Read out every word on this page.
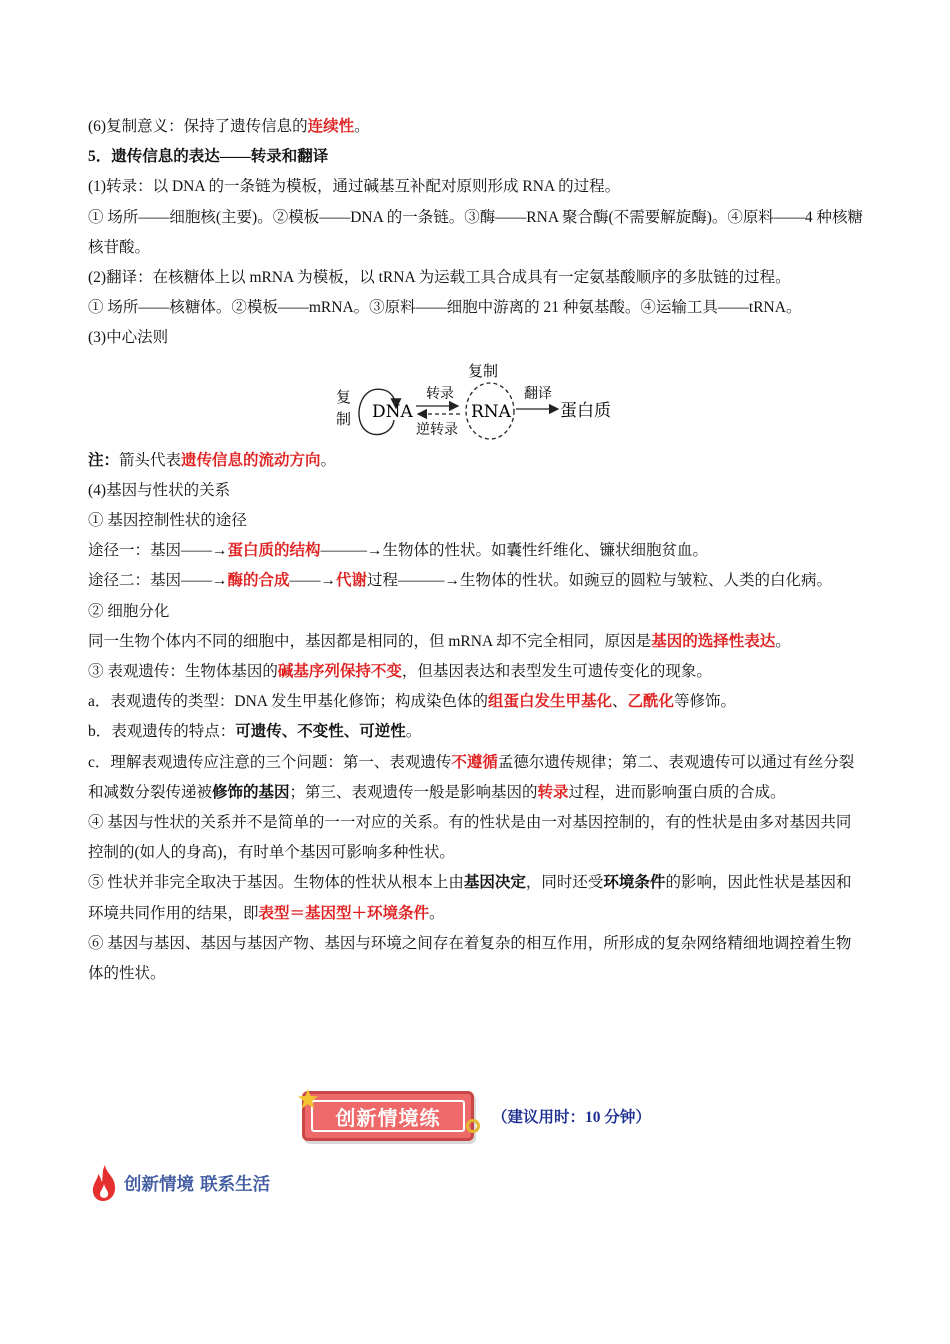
(6)复制意义：保持了遗传信息的连续性。
5．遗传信息的表达——转录和翻译
(1)转录：以 DNA 的一条链为模板，通过碱基互补配对原则形成 RNA 的过程。
① 场所——细胞核(主要)。②模板——DNA 的一条链。③酶——RNA 聚合酶(不需要解旋酶)。④原料——4 种核糖核苷酸。
(2)翻译：在核糖体上以 mRNA 为模板，以 tRNA 为运载工具合成具有一定氨基酸顺序的多肽链的过程。
① 场所——核糖体。②模板——mRNA。③原料——细胞中游离的 21 种氨基酸。④运输工具——tRNA。
(3)中心法则
复
制 DNA
转录
逆转录
复制
RNA
翻译
蛋白质
注：箭头代表遗传信息的流动方向。
(4)基因与性状的关系
① 基因控制性状的途径
途径一：基因——→蛋白质的结构———→生物体的性状。如囊性纤维化、镰状细胞贫血。
途径二：基因——→酶的合成——→代谢过程———→生物体的性状。如豌豆的圆粒与皱粒、人类的白化病。
② 细胞分化
同一生物个体内不同的细胞中，基因都是相同的，但 mRNA 却不完全相同，原因是基因的选择性表达。
③ 表观遗传：生物体基因的碱基序列保持不变，但基因表达和表型发生可遗传变化的现象。
a．表观遗传的类型：DNA 发生甲基化修饰；构成染色体的组蛋白发生甲基化、乙酰化等修饰。
b．表观遗传的特点：可遗传、不变性、可逆性。
c．理解表观遗传应注意的三个问题：第一、表观遗传不遵循孟德尔遗传规律；第二、表观遗传可以通过有丝分裂和减数分裂传递被修饰的基因；第三、表观遗传一般是影响基因的转录过程，进而影响蛋白质的合成。
④ 基因与性状的关系并不是简单的一一对应的关系。有的性状是由一对基因控制的，有的性状是由多对基因共同控制的(如人的身高)，有时单个基因可影响多种性状。
⑤ 性状并非完全取决于基因。生物体的性状从根本上由基因决定，同时还受环境条件的影响，因此性状是基因和环境共同作用的结果，即表型＝基因型＋环境条件。
⑥ 基因与基因、基因与基因产物、基因与环境之间存在着复杂的相互作用，所形成的复杂网络精细地调控着生物体的性状。
创新情境练	（建议用时：10 分钟）
创新情境 联系生活
